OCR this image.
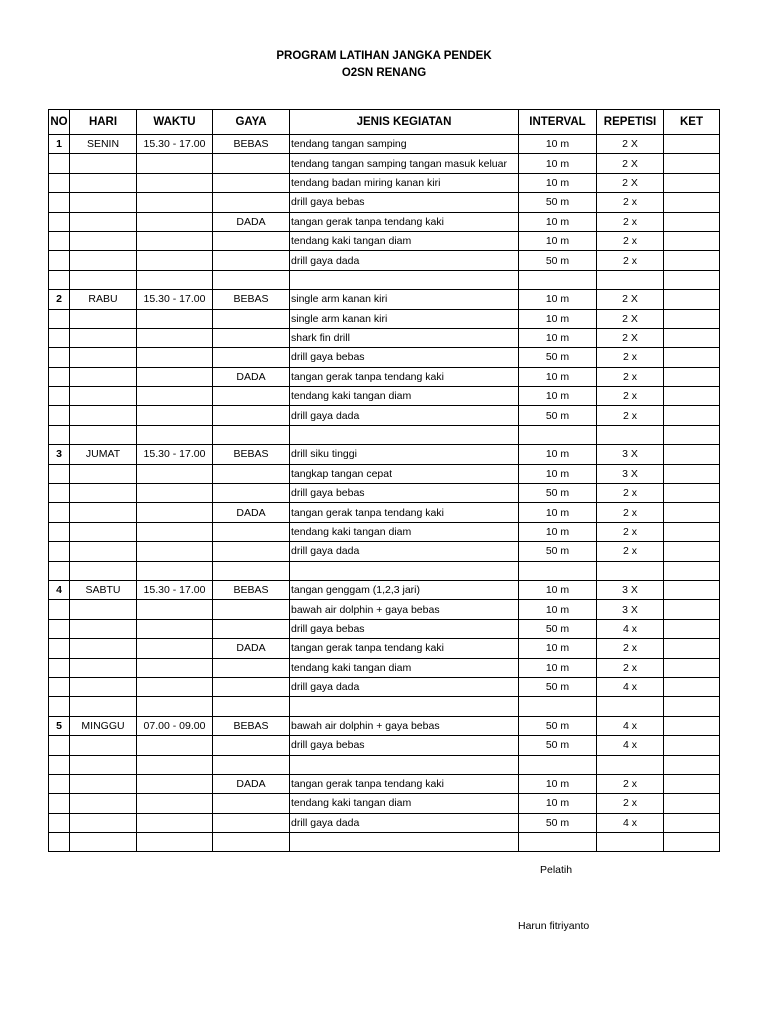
PROGRAM LATIHAN JANGKA PENDEK
O2SN RENANG
NO	HARI	WAKTU	GAYA	JENIS KEGIATAN	INTERVAL	REPETISI	KET
1	SENIN	15.30 - 17.00	BEBAS	tendang tangan samping	10 m	2 X	
				tendang tangan samping tangan masuk keluar	10 m	2 X	
				tendang badan miring kanan kiri	10 m	2 X	
				drill gaya bebas	50 m	2 x	
			DADA	tangan gerak tanpa tendang kaki	10 m	2 x	
				tendang kaki tangan diam	10 m	2 x	
				drill gaya dada	50 m	2 x	

2	RABU	15.30 - 17.00	BEBAS	single arm kanan kiri	10 m	2 X	
				single arm kanan kiri	10 m	2 X	
				shark fin drill	10 m	2 X	
				drill gaya bebas	50 m	2 x	
			DADA	tangan gerak tanpa tendang kaki	10 m	2 x	
				tendang kaki tangan diam	10 m	2 x	
				drill gaya dada	50 m	2 x	

3	JUMAT	15.30 - 17.00	BEBAS	drill siku tinggi	10 m	3 X	
				tangkap tangan cepat	10 m	3 X	
				drill gaya bebas	50 m	2 x	
			DADA	tangan gerak tanpa tendang kaki	10 m	2 x	
				tendang kaki tangan diam	10 m	2 x	
				drill gaya dada	50 m	2 x	

4	SABTU	15.30 - 17.00	BEBAS	tangan genggam (1,2,3 jari)	10 m	3 X	
				bawah air dolphin + gaya bebas	10 m	3 X	
				drill gaya bebas	50 m	4 x	
			DADA	tangan gerak tanpa tendang kaki	10 m	2 x	
				tendang kaki tangan diam	10 m	2 x	
				drill gaya dada	50 m	4 x	

5	MINGGU	07.00 - 09.00	BEBAS	bawah air dolphin + gaya bebas	50 m	4 x	
				drill gaya bebas	50 m	4 x	

			DADA	tangan gerak tanpa tendang kaki	10 m	2 x	
				tendang kaki tangan diam	10 m	2 x	
				drill gaya dada	50 m	4 x	

Pelatih
Harun fitriyanto
